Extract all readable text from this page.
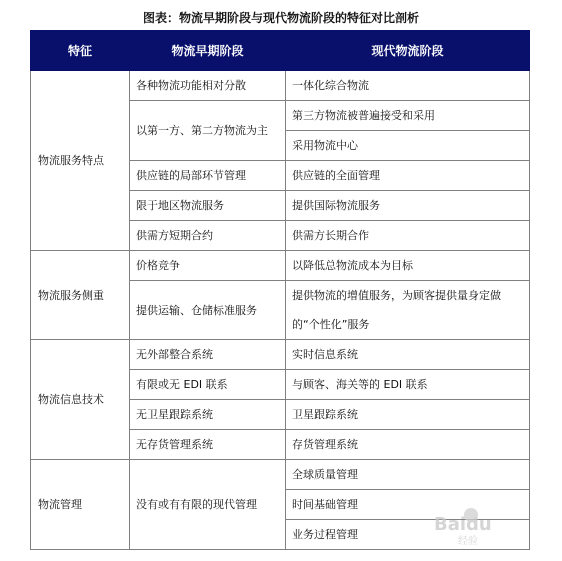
图表：物流早期阶段与现代物流阶段的特征对比剖析
特征	物流早期阶段	现代物流阶段
物流服务特点	各种物流功能相对分散	一体化综合物流
	以第一方、第二方物流为主	第三方物流被普遍接受和采用
		采用物流中心
	供应链的局部环节管理	供应链的全面管理
	限于地区物流服务	提供国际物流服务
	供需方短期合约	供需方长期合作
物流服务侧重	价格竞争	以降低总物流成本为目标
	提供运输、仓储标准服务	提供物流的增值服务，为顾客提供量身定做
		的“个性化”服务
物流信息技术	无外部整合系统	实时信息系统
	有限或无 EDI 联系	与顾客、海关等的 EDI 联系
	无卫星跟踪系统	卫星跟踪系统
	无存货管理系统	存货管理系统
物流管理	没有或有有限的现代管理	全球质量管理
		时间基础管理
		业务过程管理	Baidu
经验
